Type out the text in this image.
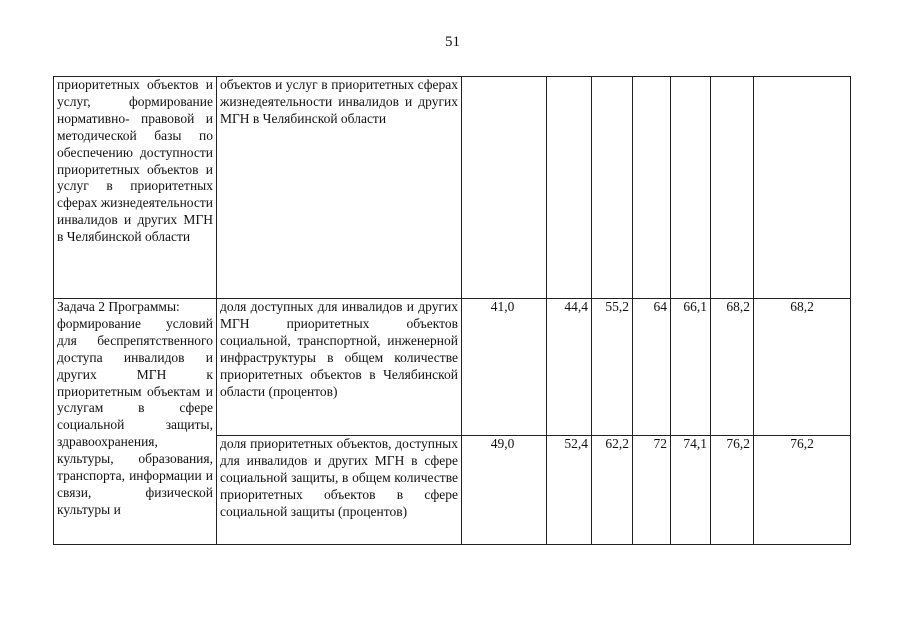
51
приоритетных объектов и услуг, формирование нормативно- правовой и методической базы по обеспечению доступности приоритетных объектов и услуг в приоритетных сферах жизнедеятельности инвалидов и других МГН в Челябинской области	объектов и услуг в приоритетных сферах жизнедеятельности инвалидов и других МГН в Челябинской области							

Задача 2 Программы:
формирование условий для беспрепятственного доступа инвалидов и других МГН к приоритетным объектам и услугам в сфере социальной защиты, здравоохранения, культуры, образования, транспорта, информации и связи, физической культуры и	доля доступных для инвалидов и других МГН приоритетных объектов социальной, транспортной, инженерной инфраструктуры в общем количестве приоритетных объектов в Челябинской области (процентов)	41,0	44,4	55,2	64	66,1	68,2	68,2
	доля приоритетных объектов, доступных для инвалидов и других МГН в сфере социальной защиты, в общем количестве приоритетных объектов в сфере социальной защиты (процентов)	49,0	52,4	62,2	72	74,1	76,2	76,2
